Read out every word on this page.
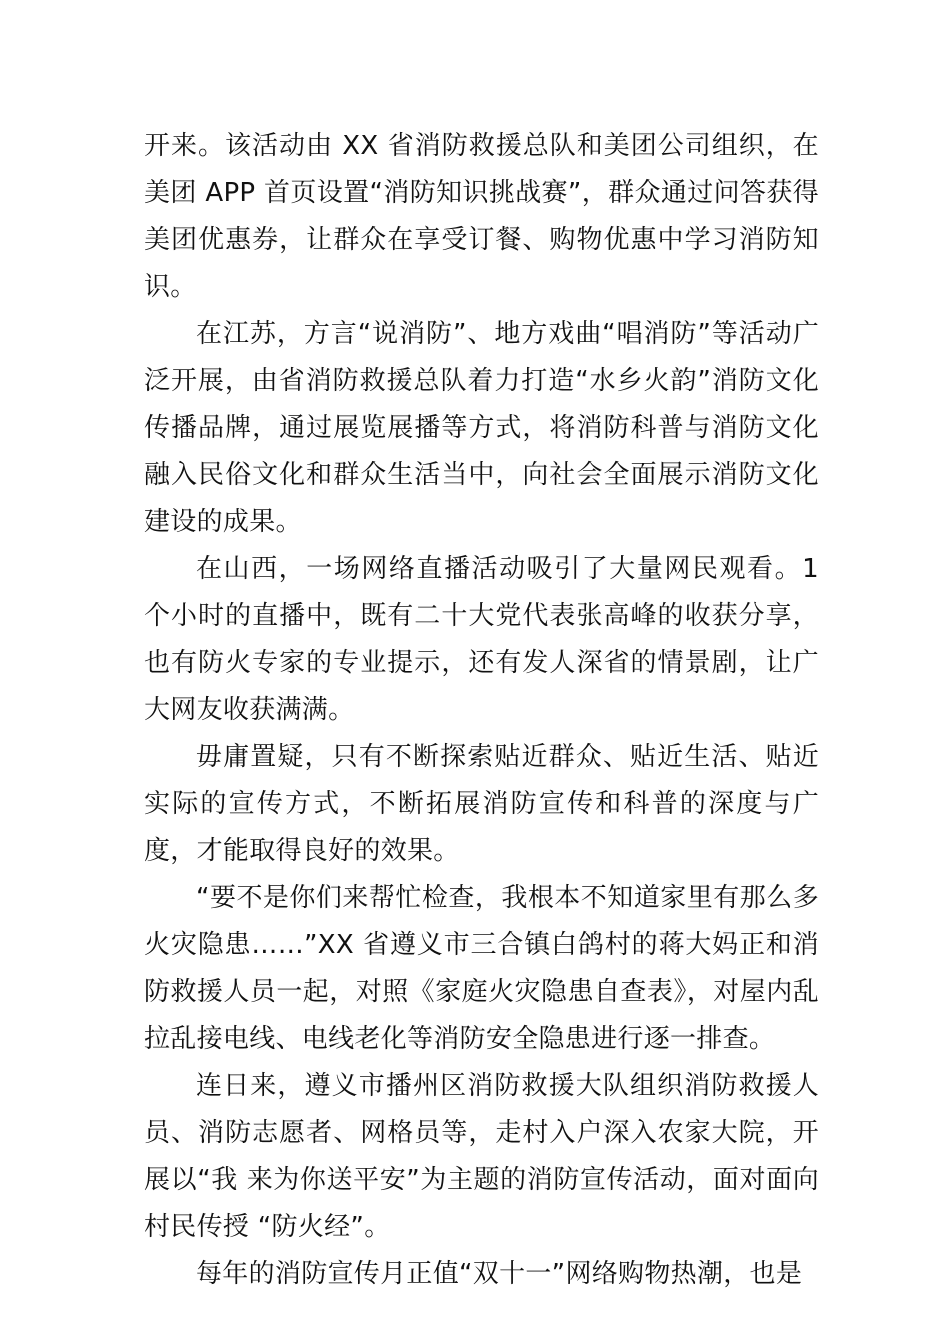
开来。该活动由 XX 省消防救援总队和美团公司组织，在美团 APP 首页设置“消防知识挑战赛”，群众通过问答获得美团优惠券，让群众在享受订餐、购物优惠中学习消防知识。

在江苏，方言“说消防”、地方戏曲“唱消防”等活动广泛开展，由省消防救援总队着力打造“水乡火韵”消防文化传播品牌，通过展览展播等方式，将消防科普与消防文化融入民俗文化和群众生活当中，向社会全面展示消防文化建设的成果。

在山西，一场网络直播活动吸引了大量网民观看。1 个小时的直播中，既有二十大党代表张高峰的收获分享，也有防火专家的专业提示，还有发人深省的情景剧，让广大网友收获满满。

毋庸置疑，只有不断探索贴近群众、贴近生活、贴近实际的宣传方式，不断拓展消防宣传和科普的深度与广度，才能取得良好的效果。

“要不是你们来帮忙检查，我根本不知道家里有那么多火灾隐患……”XX 省遵义市三合镇白鸽村的蒋大妈正和消防救援人员一起，对照《家庭火灾隐患自查表》，对屋内乱拉乱接电线、电线老化等消防安全隐患进行逐一排查。

连日来，遵义市播州区消防救援大队组织消防救援人员、消防志愿者、网格员等，走村入户深入农家大院，开展以“我 来为你送平安”为主题的消防宣传活动，面对面向村民传授 “防火经”。

每年的消防宣传月正值“双十一”网络购物热潮，也是
